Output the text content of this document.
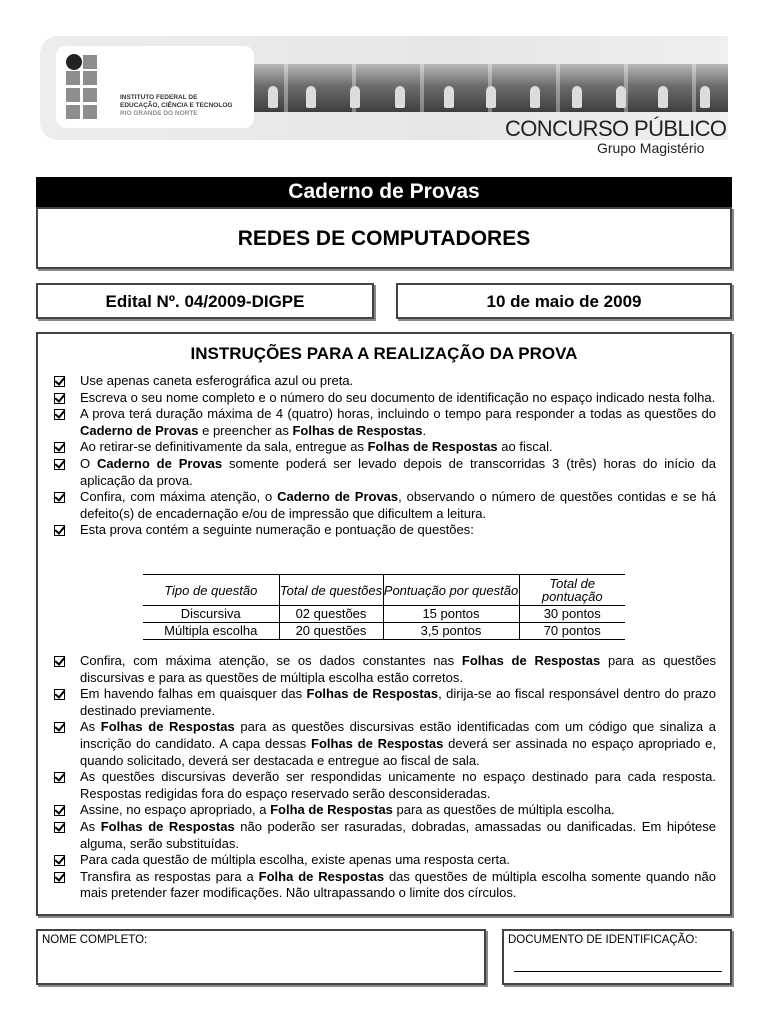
INSTITUTO FEDERAL DE
EDUCAÇÃO, CIÊNCIA E TECNOLOG
RIO GRANDE DO NORTE
CONCURSO PÚBLICO
Grupo Magistério
Caderno de Provas
REDES DE COMPUTADORES
Edital Nº. 04/2009-DIGPE	10 de maio de 2009
INSTRUÇÕES PARA A REALIZAÇÃO DA PROVA
Use apenas caneta esferográfica azul ou preta.
Escreva o seu nome completo e o número do seu documento de identificação no espaço indicado nesta folha.
A prova terá duração máxima de 4 (quatro) horas, incluindo o tempo para responder a todas as questões do Caderno de Provas e preencher as Folhas de Respostas.
Ao retirar-se definitivamente da sala, entregue as Folhas de Respostas ao fiscal.
O Caderno de Provas somente poderá ser levado depois de transcorridas 3 (três) horas do início da aplicação da prova.
Confira, com máxima atenção, o Caderno de Provas, observando o número de questões contidas e se há defeito(s) de encadernação e/ou de impressão que dificultem a leitura.
Esta prova contém a seguinte numeração e pontuação de questões:
Tipo de questão	Total de questões	Pontuação por questão	Total de pontuação
Discursiva	02 questões	15 pontos	30 pontos
Múltipla escolha	20 questões	3,5 pontos	70 pontos
Confira, com máxima atenção, se os dados constantes nas Folhas de Respostas para as questões discursivas e para as questões de múltipla escolha estão corretos.
Em havendo falhas em quaisquer das Folhas de Respostas, dirija-se ao fiscal responsável dentro do prazo destinado previamente.
As Folhas de Respostas para as questões discursivas estão identificadas com um código que sinaliza a inscrição do candidato. A capa dessas Folhas de Respostas deverá ser assinada no espaço apropriado e, quando solicitado, deverá ser destacada e entregue ao fiscal de sala.
As questões discursivas deverão ser respondidas unicamente no espaço destinado para cada resposta. Respostas redigidas fora do espaço reservado serão desconsideradas.
Assine, no espaço apropriado, a Folha de Respostas para as questões de múltipla escolha.
As Folhas de Respostas não poderão ser rasuradas, dobradas, amassadas ou danificadas. Em hipótese alguma, serão substituídas.
Para cada questão de múltipla escolha, existe apenas uma resposta certa.
Transfira as respostas para a Folha de Respostas das questões de múltipla escolha somente quando não mais pretender fazer modificações. Não ultrapassando o limite dos círculos.
NOME COMPLETO:	DOCUMENTO DE IDENTIFICAÇÃO:
